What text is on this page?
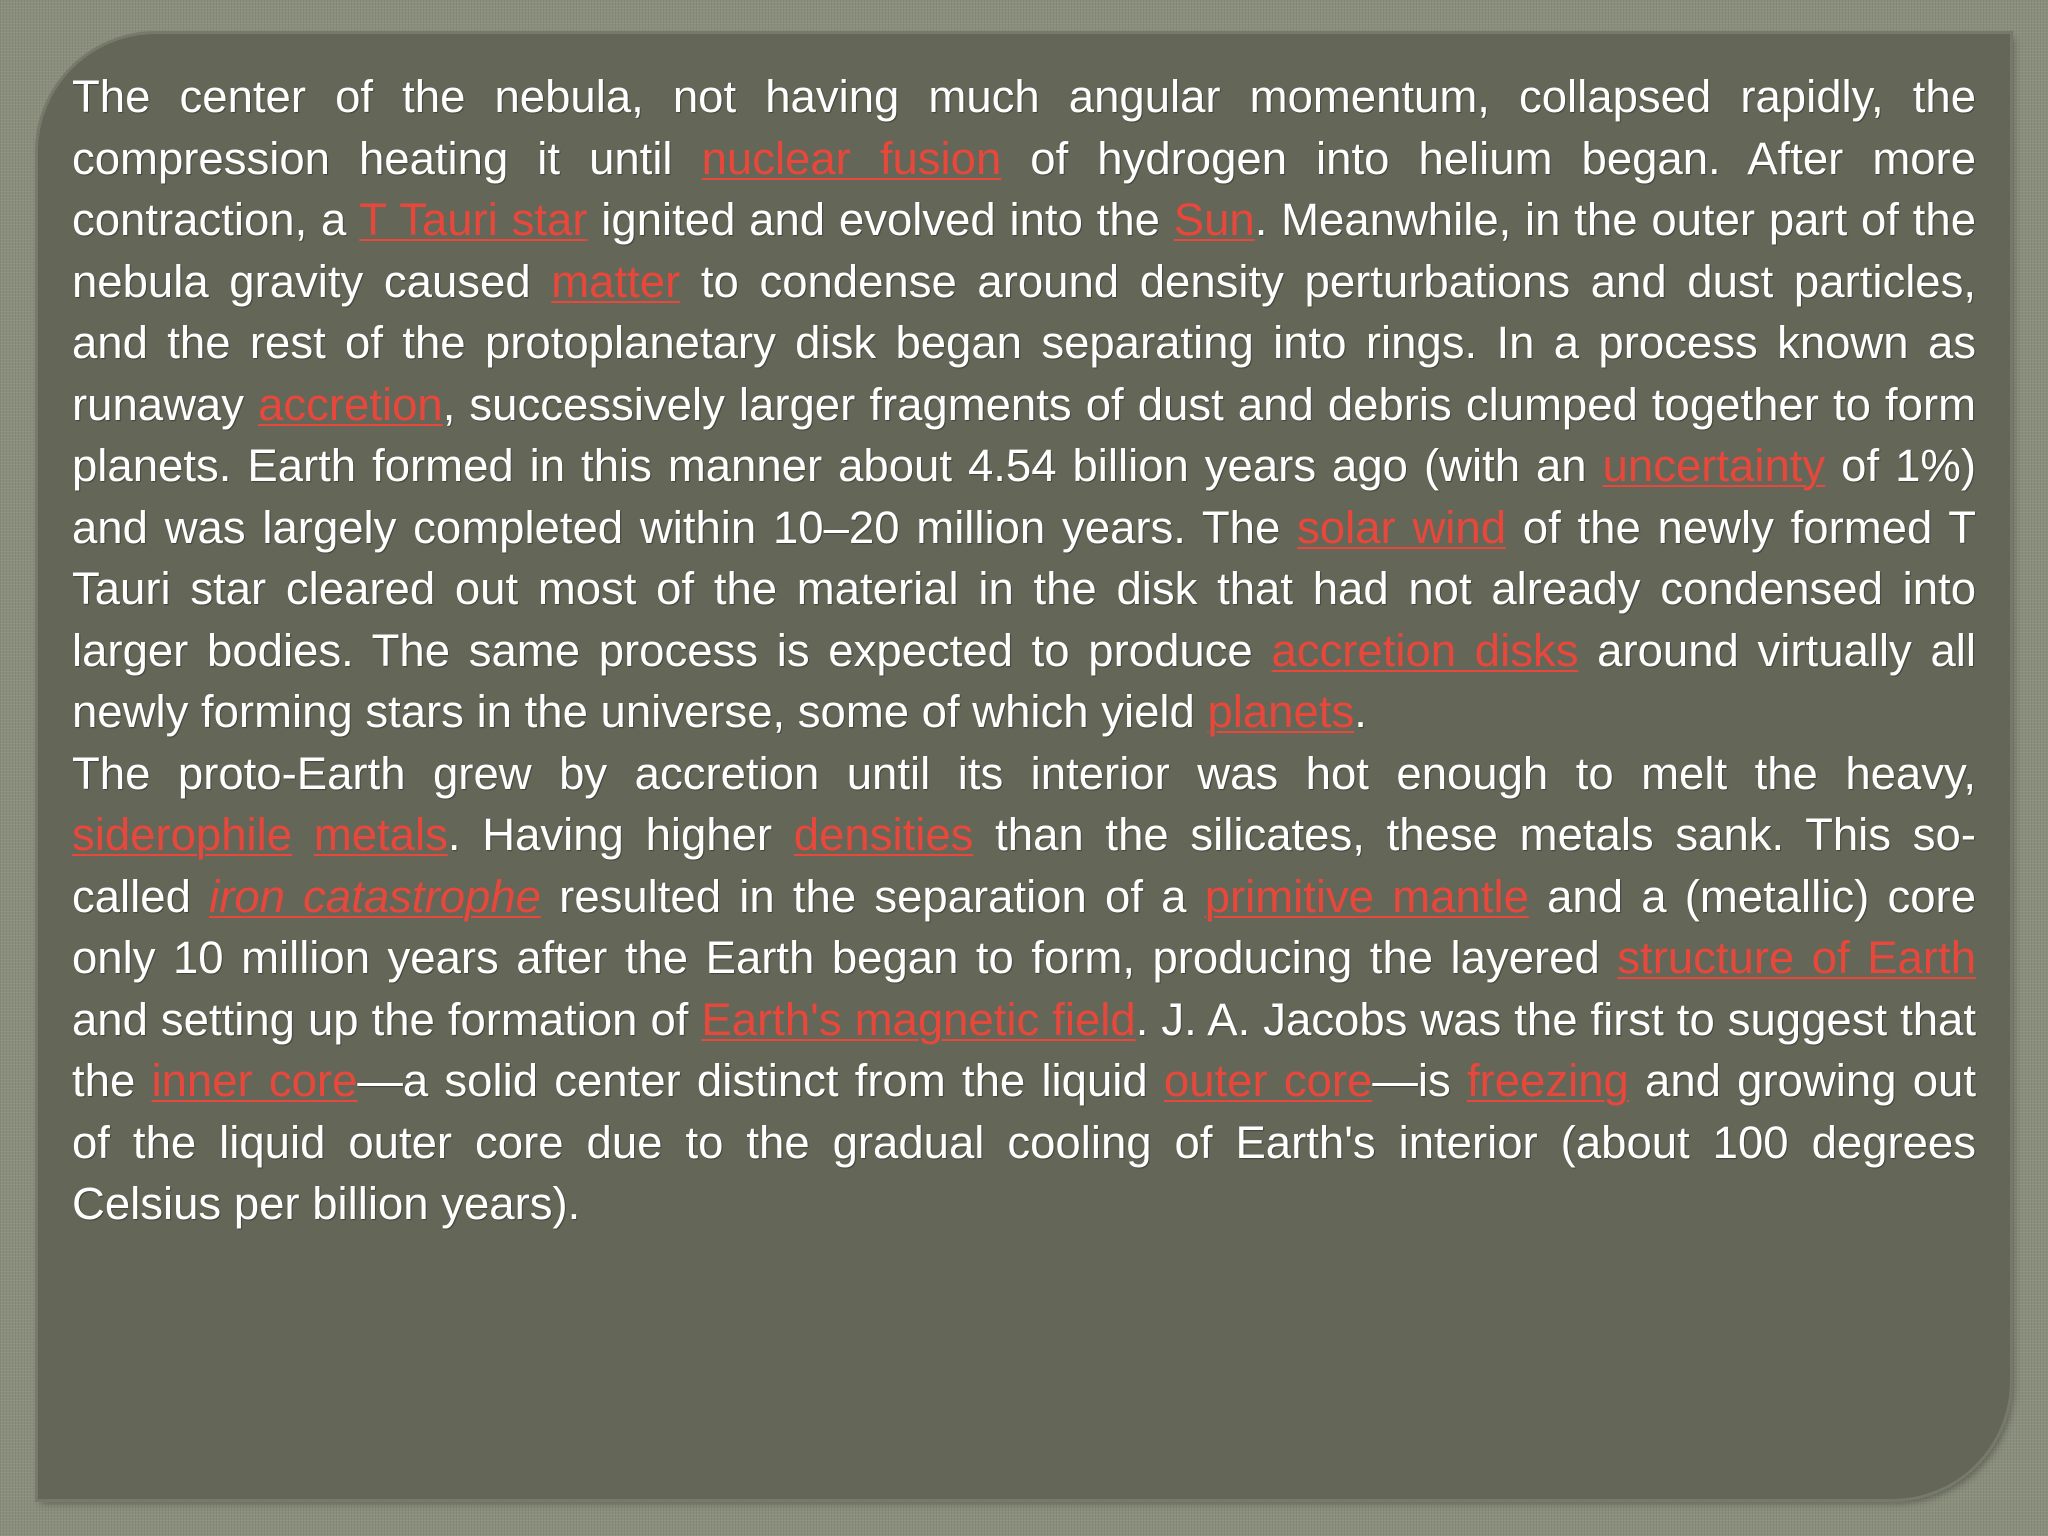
The center of the nebula, not having much angular momentum, collapsed rapidly, the compression heating it until nuclear fusion of hydrogen into helium began. After more contraction, a T Tauri star ignited and evolved into the Sun. Meanwhile, in the outer part of the nebula gravity caused matter to condense around density perturbations and dust particles, and the rest of the protoplanetary disk began separating into rings. In a process known as runaway accretion, successively larger fragments of dust and debris clumped together to form planets. Earth formed in this manner about 4.54 billion years ago (with an uncertainty of 1%) and was largely completed within 10–20 million years. The solar wind of the newly formed T Tauri star cleared out most of the material in the disk that had not already condensed into larger bodies. The same process is expected to produce accretion disks around virtually all newly forming stars in the universe, some of which yield planets.

The proto-Earth grew by accretion until its interior was hot enough to melt the heavy, siderophile metals. Having higher densities than the silicates, these metals sank. This so-called iron catastrophe resulted in the separation of a primitive mantle and a (metallic) core only 10 million years after the Earth began to form, producing the layered structure of Earth and setting up the formation of Earth's magnetic field. J. A. Jacobs was the first to suggest that the inner core—a solid center distinct from the liquid outer core—is freezing and growing out of the liquid outer core due to the gradual cooling of Earth's interior (about 100 degrees Celsius per billion years).
